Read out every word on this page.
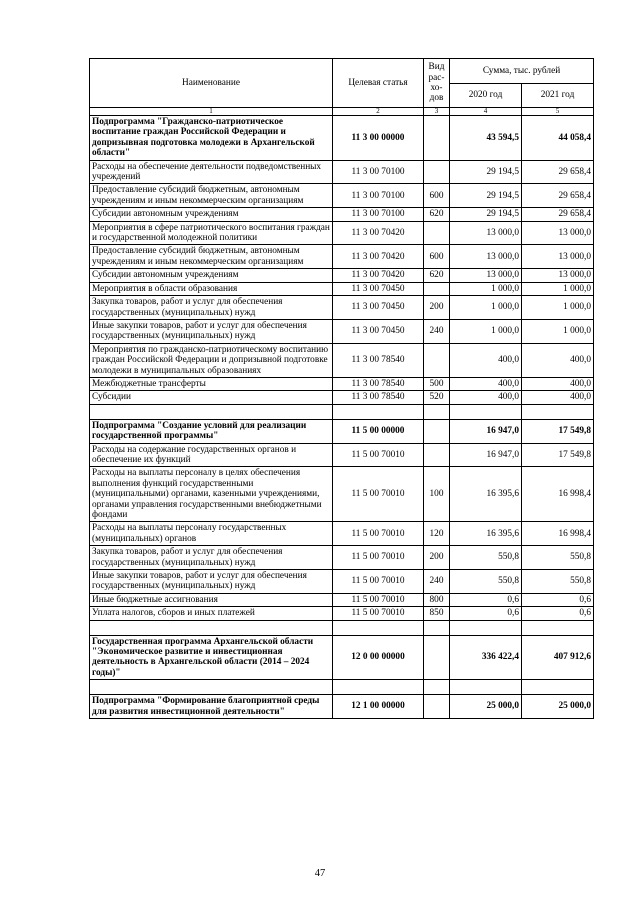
Наименование	Целевая статья	Вид рас-хо-дов	Сумма, тыс. рублей	
			2020 год	2021 год
1	2	3	4	5
Подпрограмма "Гражданско-патриотическое воспитание граждан Российской Федерации и допризывная подготовка молодежи в Архангельской области"	11 3 00 00000		43 594,5	44 058,4
Расходы на обеспечение деятельности подведомственных учреждений	11 3 00 70100		29 194,5	29 658,4
Предоставление субсидий бюджетным, автономным учреждениям и иным некоммерческим организациям	11 3 00 70100	600	29 194,5	29 658,4
Субсидии автономным учреждениям	11 3 00 70100	620	29 194,5	29 658,4
Мероприятия в сфере патриотического воспитания граждан и государственной молодежной политики	11 3 00 70420		13 000,0	13 000,0
Предоставление субсидий бюджетным, автономным учреждениям и иным некоммерческим организациям	11 3 00 70420	600	13 000,0	13 000,0
Субсидии автономным учреждениям	11 3 00 70420	620	13 000,0	13 000,0
Мероприятия в области образования	11 3 00 70450		1 000,0	1 000,0
Закупка товаров, работ и услуг для обеспечения государственных (муниципальных) нужд	11 3 00 70450	200	1 000,0	1 000,0
Иные закупки товаров, работ и услуг для обеспечения государственных (муниципальных) нужд	11 3 00 70450	240	1 000,0	1 000,0
Мероприятия по гражданско-патриотическому воспитанию граждан Российской Федерации и допризывной подготовке молодежи в муниципальных образованиях	11 3 00 78540		400,0	400,0
Межбюджетные трансферты	11 3 00 78540	500	400,0	400,0
Субсидии	11 3 00 78540	520	400,0	400,0

Подпрограмма "Создание условий для реализации государственной программы"	11 5 00 00000		16 947,0	17 549,8
Расходы на содержание государственных органов и обеспечение их функций	11 5 00 70010		16 947,0	17 549,8
Расходы на выплаты персоналу в целях обеспечения выполнения функций государственными (муниципальными) органами, казенными учреждениями, органами управления государственными внебюджетными фондами	11 5 00 70010	100	16 395,6	16 998,4
Расходы на выплаты персоналу государственных (муниципальных) органов	11 5 00 70010	120	16 395,6	16 998,4
Закупка товаров, работ и услуг для обеспечения государственных (муниципальных) нужд	11 5 00 70010	200	550,8	550,8
Иные закупки товаров, работ и услуг для обеспечения государственных (муниципальных) нужд	11 5 00 70010	240	550,8	550,8
Иные бюджетные ассигнования	11 5 00 70010	800	0,6	0,6
Уплата налогов, сборов и иных платежей	11 5 00 70010	850	0,6	0,6

Государственная программа Архангельской области "Экономическое развитие и инвестиционная деятельность в Архангельской области (2014 – 2024 годы)"	12 0 00 00000		336 422,4	407 912,6

Подпрограмма "Формирование благоприятной среды для развития инвестиционной деятельности"	12 1 00 00000		25 000,0	25 000,0
47
